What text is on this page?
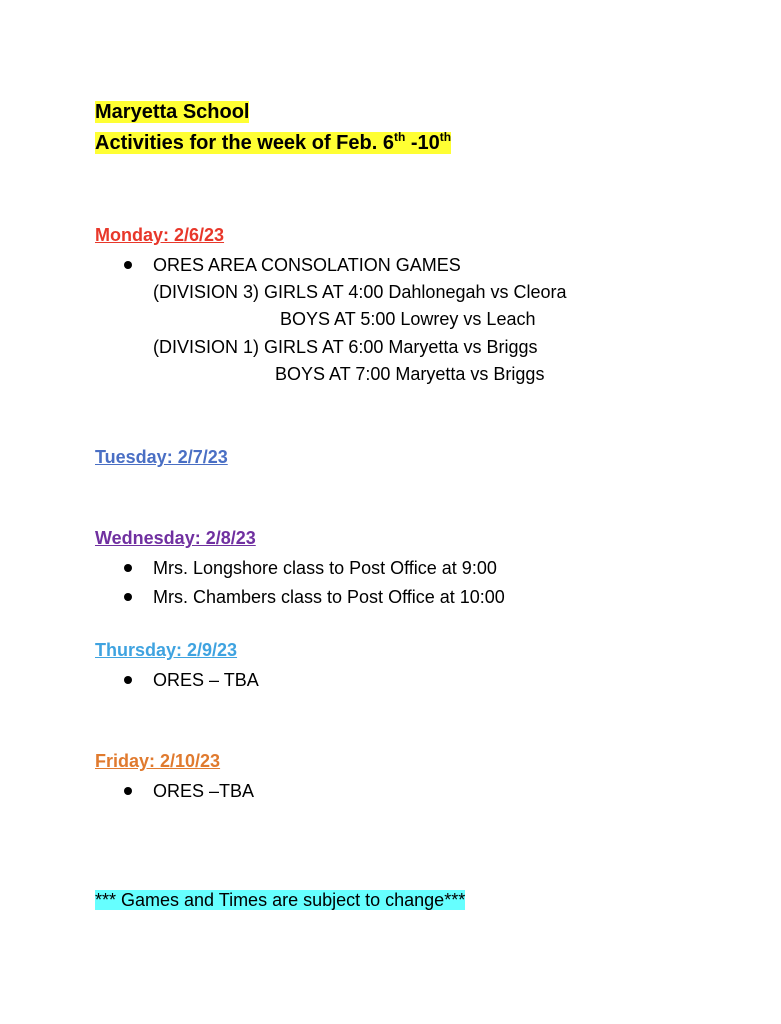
Maryetta School
Activities for the week of Feb. 6th -10th
Monday: 2/6/23
ORES AREA CONSOLATION GAMES
(DIVISION 3) GIRLS AT 4:00 Dahlonegah vs Cleora
BOYS AT 5:00 Lowrey vs Leach
(DIVISION 1) GIRLS AT 6:00 Maryetta vs Briggs
BOYS AT 7:00 Maryetta vs Briggs
Tuesday: 2/7/23
Wednesday: 2/8/23
Mrs. Longshore class to Post Office at 9:00
Mrs. Chambers class to Post Office at 10:00
Thursday: 2/9/23
ORES – TBA
Friday: 2/10/23
ORES –TBA
*** Games and Times are subject to change***
